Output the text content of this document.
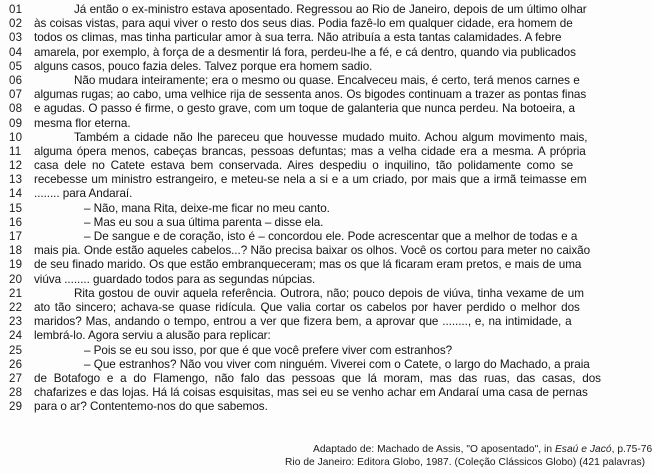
01	Já então o ex-ministro estava aposentado. Regressou ao Rio de Janeiro, depois de um último olhar
02	às coisas vistas, para aqui viver o resto dos seus dias. Podia fazê-lo em qualquer cidade, era homem de
03	todos os climas, mas tinha particular amor à sua terra. Não atribuía a esta tantas calamidades. A febre
04	amarela, por exemplo, à força de a desmentir lá fora, perdeu-lhe a fé, e cá dentro, quando via publicados
05	alguns casos, pouco fazia deles. Talvez porque era homem sadio.
06	Não mudara inteiramente; era o mesmo ou quase. Encalveceu mais, é certo, terá menos carnes e
07	algumas rugas; ao cabo, uma velhice rija de sessenta anos. Os bigodes continuam a trazer as pontas finas
08	e agudas. O passo é firme, o gesto grave, com um toque de galanteria que nunca perdeu. Na botoeira, a
09	mesma flor eterna.
10	Também a cidade não lhe pareceu que houvesse mudado muito. Achou algum movimento mais,
11	alguma ópera menos, cabeças brancas, pessoas defuntas; mas a velha cidade era a mesma. A própria
12	casa dele no Catete estava bem conservada. Aires despediu o inquilino, tão polidamente como se
13	recebesse um ministro estrangeiro, e meteu-se nela a si e a um criado, por mais que a irmã teimasse em
14	........ para Andaraí.
15	– Não, mana Rita, deixe-me ficar no meu canto.
16	– Mas eu sou a sua última parenta – disse ela.
17	– De sangue e de coração, isto é – concordou ele. Pode acrescentar que a melhor de todas e a
18	mais pia. Onde estão aqueles cabelos...? Não precisa baixar os olhos. Você os cortou para meter no caixão
19	de seu finado marido. Os que estão embranqueceram; mas os que lá ficaram eram pretos, e mais de uma
20	viúva ........ guardado todos para as segundas núpcias.
21	Rita gostou de ouvir aquela referência. Outrora, não; pouco depois de viúva, tinha vexame de um
22	ato tão sincero; achava-se quase ridícula. Que valia cortar os cabelos por haver perdido o melhor dos
23	maridos? Mas, andando o tempo, entrou a ver que fizera bem, a aprovar que ........, e, na intimidade, a
24	lembrá-lo. Agora serviu a alusão para replicar:
25	– Pois se eu sou isso, por que é que você prefere viver com estranhos?
26	– Que estranhos? Não vou viver com ninguém. Viverei com o Catete, o largo do Machado, a praia
27	de Botafogo e a do Flamengo, não falo das pessoas que lá moram, mas das ruas, das casas, dos
28	chafarizes e das lojas. Há lá coisas esquisitas, mas sei eu se venho achar em Andaraí uma casa de pernas
29	para o ar? Contentemo-nos do que sabemos.
Adaptado de: Machado de Assis, "O aposentado", in Esaú e Jacó, p.75-76
Rio de Janeiro: Editora Globo, 1987. (Coleção Clássicos Globo) (421 palavras)
